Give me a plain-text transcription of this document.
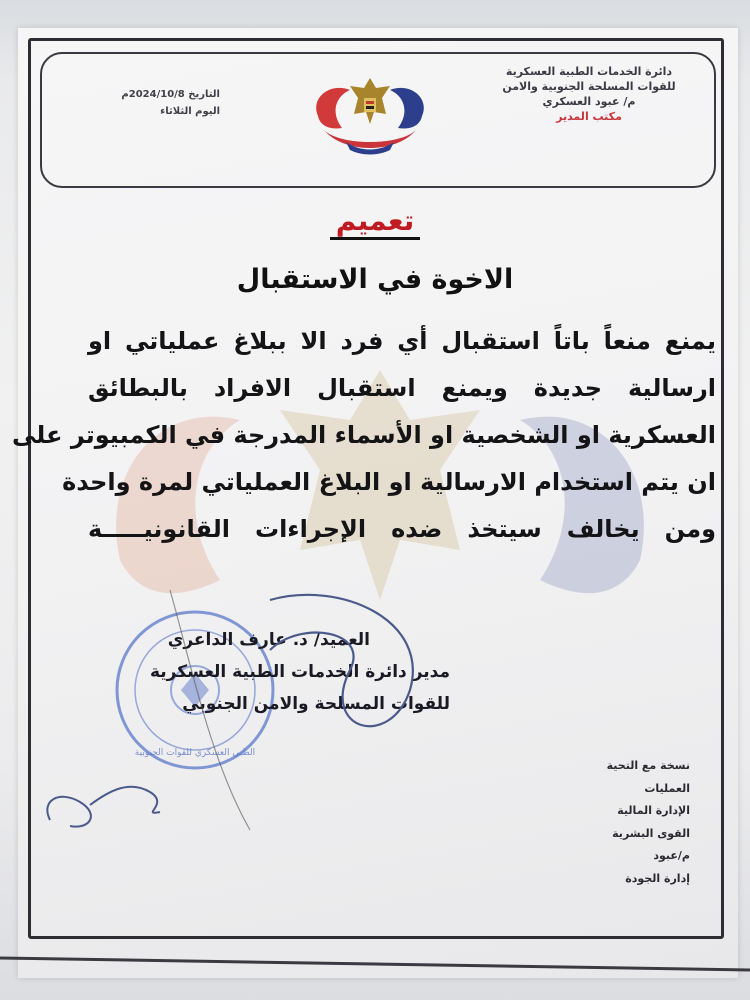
دائرة الخدمات الطبية العسكرية
للقوات المسلحة الجنوبية والامن
م/ عبود العسكري
مكتب المدير
التاريخ 2024/10/8م
اليوم الثلاثاء
تعميم
الاخوة في الاستقبال
يمنع منعاً باتاً استقبال أي فرد الا ببلاغ عملياتي او
ارسالية جديدة ويمنع استقبال الافراد بالبطائق
العسكرية او الشخصية او الأسماء المدرجة في الكمبيوتر على
ان يتم استخدام الارسالية او البلاغ العملياتي لمرة واحدة
ومن يخالف سيتخذ ضده الإجراءات القانونيـــــة
الطبي العسكري للقوات الجنوبية
العميد/ د. عارف الداعري
مدير دائرة الخدمات الطبية العسكرية
للقوات المسلحة والامن الجنوبي
نسخة مع التحية
العمليات
الإدارة المالية
القوى البشرية
م/عبود
إدارة الجودة
